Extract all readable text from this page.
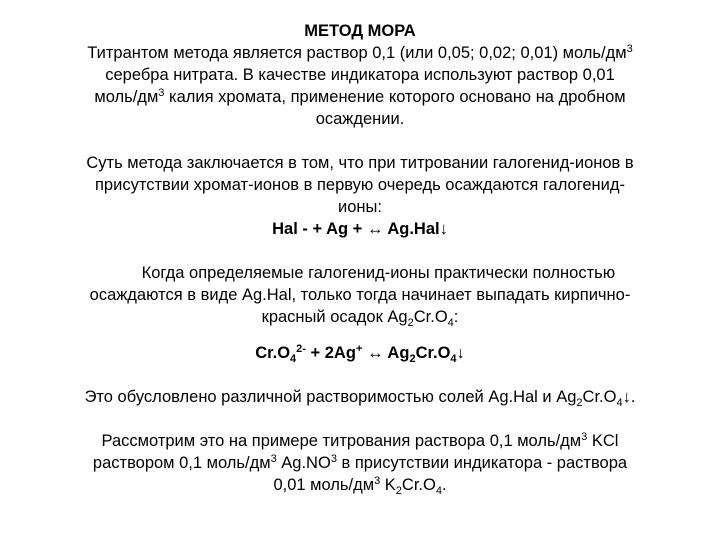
МЕТОД МОРА

Титрантом метода является раствор 0,1 (или 0,05; 0,02; 0,01) моль/$дм^3$

серебра нитрата. В качестве индикатора используют раствор 0,01

моль/$дм^3$ калия хромата, применение которого основано на дробном

осаждении.

Суть метода заключается в том, что при титровании галогенид-ионов в

присутствии хромат-ионов в первую очередь осаждаются галогенид-

ионы:

Hal - + Ag + ↔ Ag.Hal↓

Когда определяемые галогенид-ионы практически полностью

осаждаются в виде Ag.Hal, только тогда начинает выпадать кирпично-

красный осадок $Ag_2Cr.O_4$:

$Cr.O_4^{2-} + 2Ag^+$ ↔ $Ag_2Cr.O_4↓$

Это обусловлено различной растворимостью солей Ag.Hal и $Ag_2Cr.O_4↓$.

Рассмотрим это на примере титрования раствора 0,1 моль/$дм^3$ KCl

раствором 0,1 моль/$дм^3$ $Ag.NO^3$ в присутствии индикатора - раствора

0,01 моль/$дм^3$ $K_2Cr.O_4$.
